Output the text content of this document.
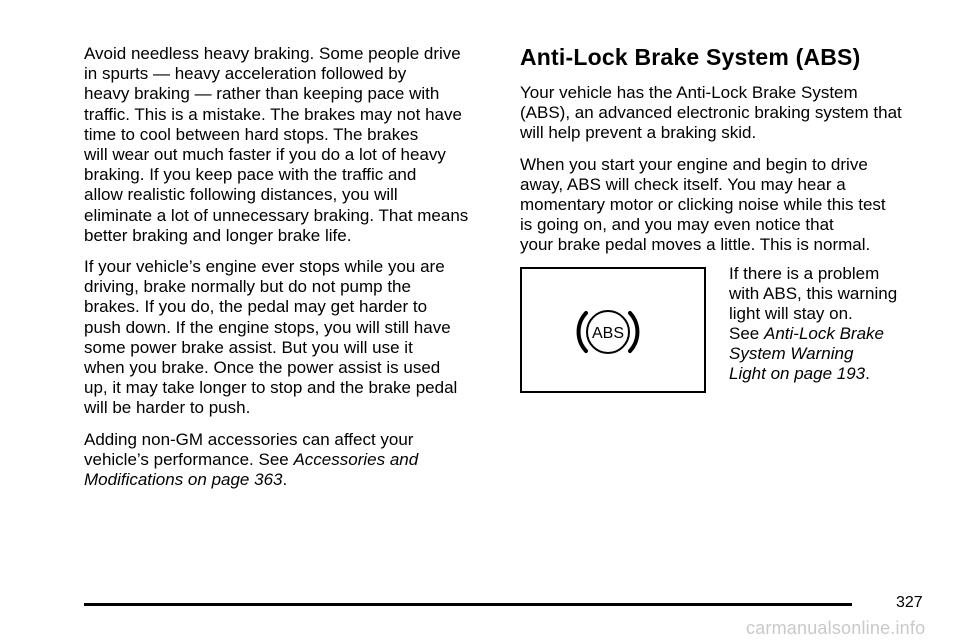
Avoid needless heavy braking. Some people drive
in spurts — heavy acceleration followed by
heavy braking — rather than keeping pace with
traffic. This is a mistake. The brakes may not have
time to cool between hard stops. The brakes
will wear out much faster if you do a lot of heavy
braking. If you keep pace with the traffic and
allow realistic following distances, you will
eliminate a lot of unnecessary braking. That means
better braking and longer brake life.

If your vehicle’s engine ever stops while you are
driving, brake normally but do not pump the
brakes. If you do, the pedal may get harder to
push down. If the engine stops, you will still have
some power brake assist. But you will use it
when you brake. Once the power assist is used
up, it may take longer to stop and the brake pedal
will be harder to push.

Adding non-GM accessories can affect your
vehicle’s performance. See Accessories and
Modifications on page 363.

Anti-Lock Brake System (ABS)

Your vehicle has the Anti-Lock Brake System
(ABS), an advanced electronic braking system that
will help prevent a braking skid.

When you start your engine and begin to drive
away, ABS will check itself. You may hear a
momentary motor or clicking noise while this test
is going on, and you may even notice that
your brake pedal moves a little. This is normal.

ABS
If there is a problem
with ABS, this warning
light will stay on.
See Anti-Lock Brake
System Warning
Light on page 193.
327
carmanualsonline.info
